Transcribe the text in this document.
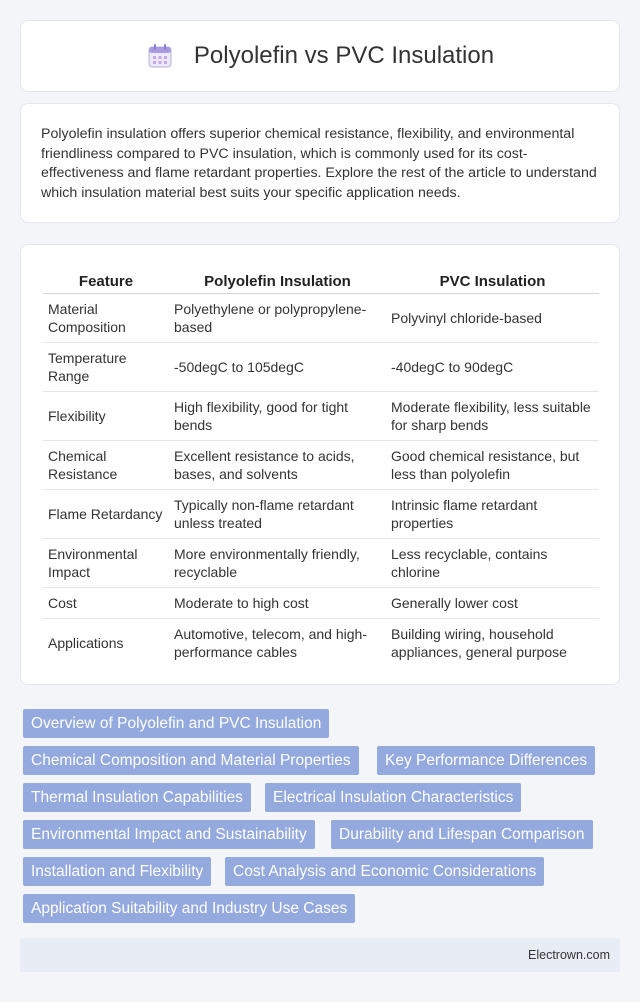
Polyolefin vs PVC Insulation

Polyolefin insulation offers superior chemical resistance, flexibility, and environmental friendliness compared to PVC insulation, which is commonly used for its cost-effectiveness and flame retardant properties. Explore the rest of the article to understand which insulation material best suits your specific application needs.

Feature	Polyolefin Insulation	PVC Insulation
Material Composition	Polyethylene or polypropylene-based	Polyvinyl chloride-based
Temperature Range	-50degC to 105degC	-40degC to 90degC
Flexibility	High flexibility, good for tight bends	Moderate flexibility, less suitable for sharp bends
Chemical Resistance	Excellent resistance to acids, bases, and solvents	Good chemical resistance, but less than polyolefin
Flame Retardancy	Typically non-flame retardant unless treated	Intrinsic flame retardant properties
Environmental Impact	More environmentally friendly, recyclable	Less recyclable, contains chlorine
Cost	Moderate to high cost	Generally lower cost
Applications	Automotive, telecom, and high-performance cables	Building wiring, household appliances, general purpose
Overview of Polyolefin and PVC Insulation
Chemical Composition and Material Properties	Key Performance Differences
Thermal Insulation Capabilities	Electrical Insulation Characteristics
Environmental Impact and Sustainability	Durability and Lifespan Comparison
Installation and Flexibility	Cost Analysis and Economic Considerations
Application Suitability and Industry Use Cases
Electrown.com
